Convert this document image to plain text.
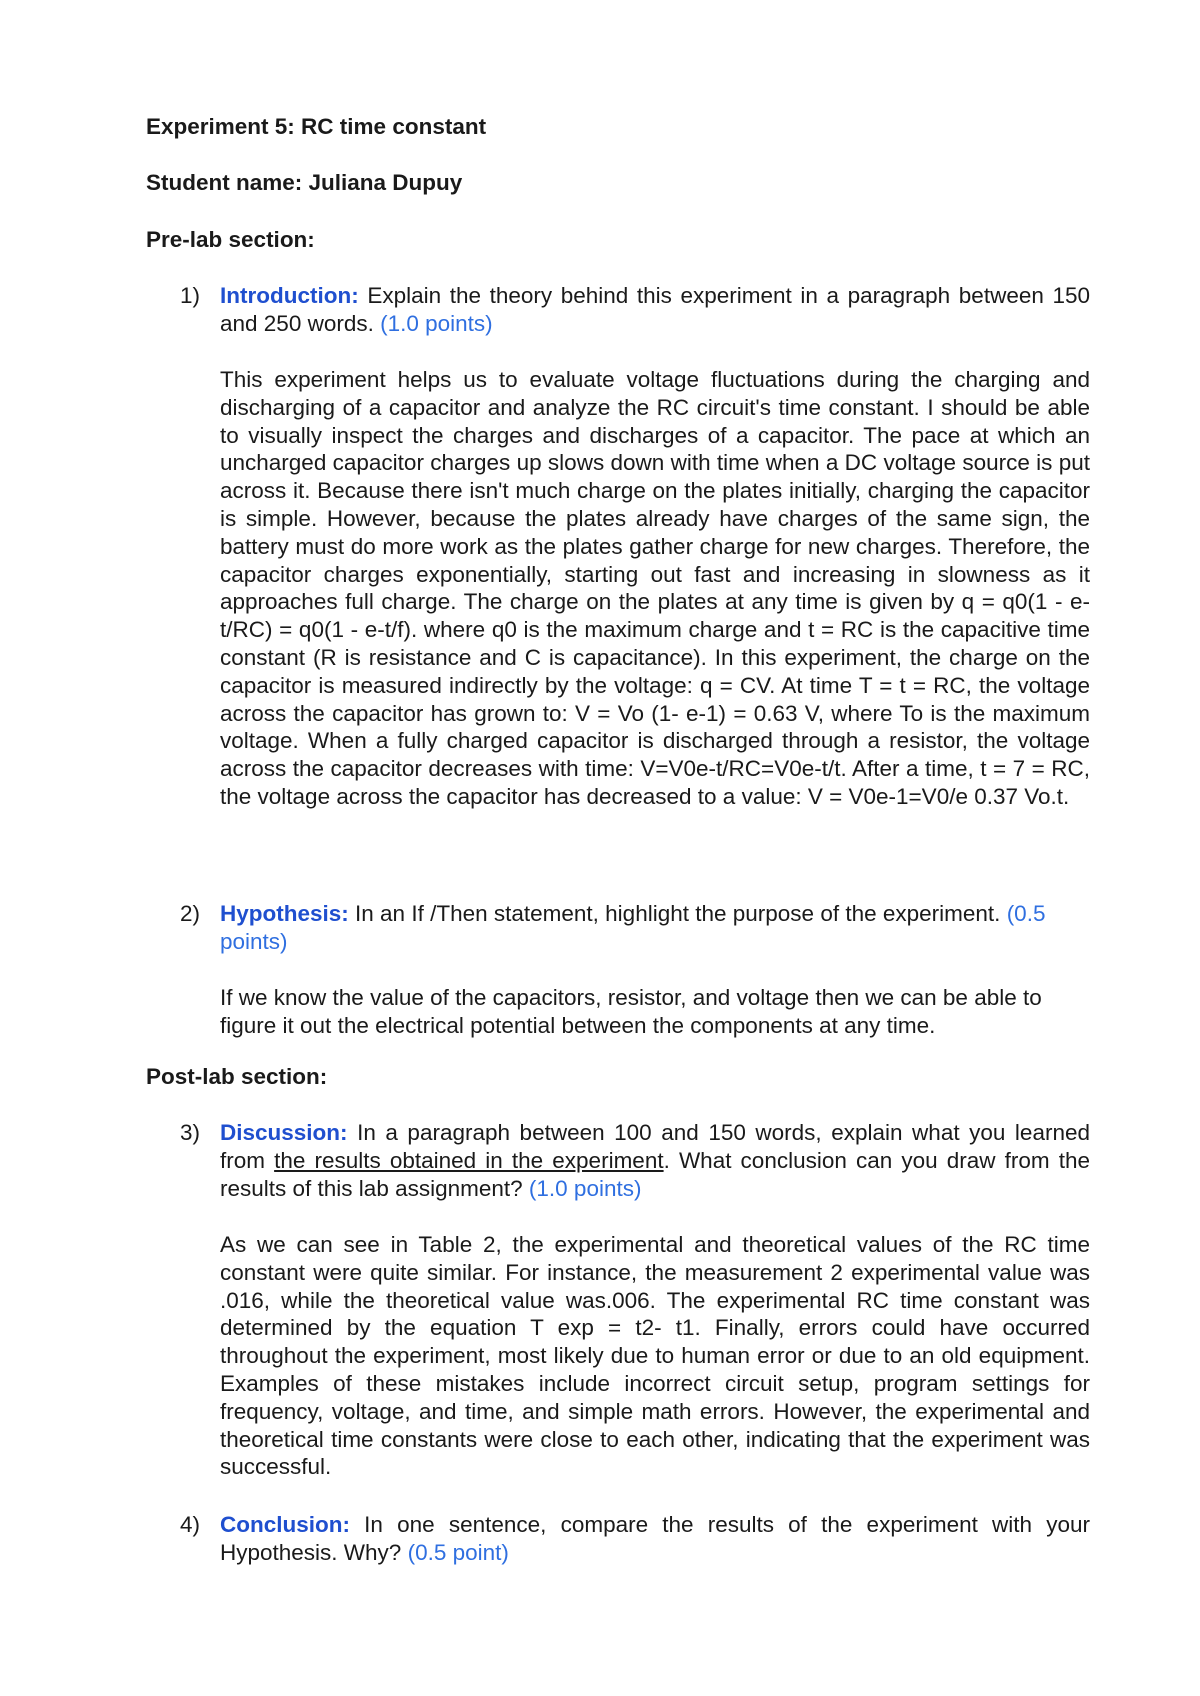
Experiment 5: RC time constant
Student name: Juliana Dupuy
Pre-lab section:
1) Introduction: Explain the theory behind this experiment in a paragraph between 150 and 250 words. (1.0 points)

This experiment helps us to evaluate voltage fluctuations during the charging and discharging of a capacitor and analyze the RC circuit's time constant. I should be able to visually inspect the charges and discharges of a capacitor. The pace at which an uncharged capacitor charges up slows down with time when a DC voltage source is put across it. Because there isn't much charge on the plates initially, charging the capacitor is simple. However, because the plates already have charges of the same sign, the battery must do more work as the plates gather charge for new charges. Therefore, the capacitor charges exponentially, starting out fast and increasing in slowness as it approaches full charge. The charge on the plates at any time is given by q = q0(1 - e-t/RC) = q0(1 - e-t/f). where q0 is the maximum charge and t = RC is the capacitive time constant (R is resistance and C is capacitance). In this experiment, the charge on the capacitor is measured indirectly by the voltage: q = CV. At time T = t = RC, the voltage across the capacitor has grown to: V = Vo (1- e-1) = 0.63 V, where To is the maximum voltage. When a fully charged capacitor is discharged through a resistor, the voltage across the capacitor decreases with time: V=V0e-t/RC=V0e-t/t. After a time, t = 7 = RC, the voltage across the capacitor has decreased to a value: V = V0e-1=V0/e 0.37 Vo.t.

2) Hypothesis: In an If /Then statement, highlight the purpose of the experiment. (0.5 points)

If we know the value of the capacitors, resistor, and voltage then we can be able to figure it out the electrical potential between the components at any time.

Post-lab section:
3) Discussion: In a paragraph between 100 and 150 words, explain what you learned from the results obtained in the experiment. What conclusion can you draw from the results of this lab assignment? (1.0 points)

As we can see in Table 2, the experimental and theoretical values of the RC time constant were quite similar. For instance, the measurement 2 experimental value was .016, while the theoretical value was.006. The experimental RC time constant was determined by the equation T exp = t2- t1. Finally, errors could have occurred throughout the experiment, most likely due to human error or due to an old equipment. Examples of these mistakes include incorrect circuit setup, program settings for frequency, voltage, and time, and simple math errors. However, the experimental and theoretical time constants were close to each other, indicating that the experiment was successful.

4) Conclusion: In one sentence, compare the results of the experiment with your Hypothesis. Why? (0.5 point)
